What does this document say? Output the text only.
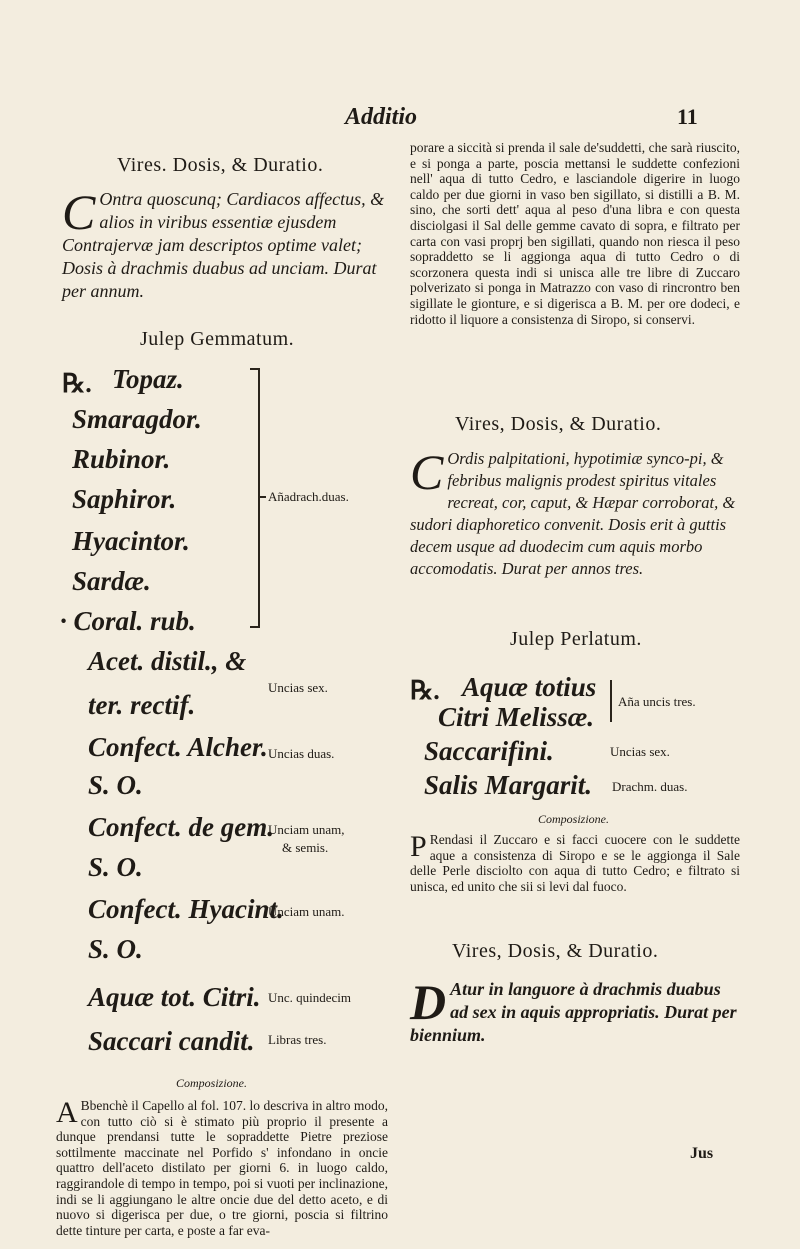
Additio	11
Vires. Dosis, & Duratio.
C Ontra quoscunq; Cardiacos affectus, & alios in viribus essentiæ ejusdem Contrajervæ jam descriptos optime valet; Dosis à drachmis duabus ad unciam. Durat per annum.
Julep Gemmatum.
℞. Topaz.
Smaragdor.
Rubinor.
Saphiror.
Hyacintor.
Sardæ.
· Coral. rub.
Acet. distil., &
ter. rectif.
Confect. Alcher.
S. O.
Confect. de gem.
S. O.
Confect. Hyacint.
S. O.
Aquæ tot. Citri.
Saccari candit.
Añadrach.duas.
Uncias sex.
Uncias duas.
Unciam unam,
& semis.
Unciam unam.
Unc. quindecim
Libras tres.
Composizione.
A Bbenchè il Capello al fol. 107. lo descriva in altro modo, con tutto ciò si è stimato più proprio il presente a dunque prendansi tutte le sopraddette Pietre preziose sottilmente maccinate nel Porfido s' infondano in oncie quattro dell'aceto distilato per giorni 6. in luogo caldo, raggirandole di tempo in tempo, poi si vuoti per inclinazione, indi se li aggiungano le altre oncie due del detto aceto, e di nuovo si digerisca per due, o tre giorni, poscia si filtrino dette tinture per carta, e poste a far eva-
porare a siccità si prenda il sale de'suddetti, che sarà riuscito, e si ponga a parte, poscia mettansi le suddette confezioni nell' aqua di tutto Cedro, e lasciandole digerire in luogo caldo per due giorni in vaso ben sigillato, si distilli a B. M. sino, che sorti dett' aqua al peso d'una libra e con questa disciolgasi il Sal delle gemme cavato di sopra, e filtrato per carta con vasi proprj ben sigillati, quando non riesca il peso sopraddetto se li aggionga aqua di tutto Cedro o di scorzonera questa indi si unisca alle tre libre di Zuccaro polverizato si ponga in Matrazzo con vaso di rincrontro ben sigillate le gionture, e si digerisca a B. M. per ore dodeci, e ridotto il liquore a consistenza di Siropo, si conservi.
Vires, Dosis, & Duratio.
C Ordis palpitationi, hypotimiæ synco-pi, & febribus malignis prodest spiritus vitales recreat, cor, caput, & Hæpar corroborat, & sudori diaphoretico convenit. Dosis erit à guttis decem usque ad duodecim cum aquis morbo accomodatis. Durat per annos tres.
Julep Perlatum.
℞. Aquæ totius
Citri Melissæ.
Saccarifini.
Salis Margarit.
Aña uncis tres.
Uncias sex.
Drachm. duas.
Composizione.
P Rendasi il Zuccaro e si facci cuocere con le suddette aque a consistenza di Siropo e se le aggionga il Sale delle Perle disciolto con aqua di tutto Cedro; e filtrato si unisca, ed unito che sii si levi dal fuoco.
Vires, Dosis, & Duratio.
D Atur in languore à drachmis duabus ad sex in aquis appropriatis. Durat per biennium.
Jus
